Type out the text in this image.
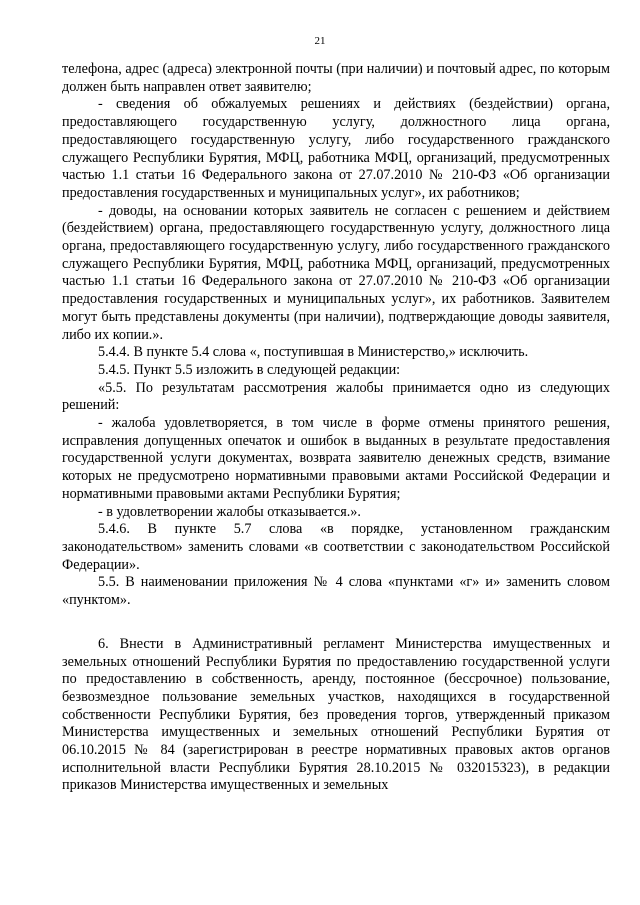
21

телефона, адрес (адреса) электронной почты (при наличии) и почтовый адрес, по которым должен быть направлен ответ заявителю;

- сведения об обжалуемых решениях и действиях (бездействии) органа, предоставляющего государственную услугу, должностного лица органа, предоставляющего государственную услугу, либо государственного гражданского служащего Республики Бурятия, МФЦ, работника МФЦ, организаций, предусмотренных частью 1.1 статьи 16 Федерального закона от 27.07.2010 № 210-ФЗ «Об организации предоставления государственных и муниципальных услуг», их работников;

- доводы, на основании которых заявитель не согласен с решением и действием (бездействием) органа, предоставляющего государственную услугу, должностного лица органа, предоставляющего государственную услугу, либо государственного гражданского служащего Республики Бурятия, МФЦ, работника МФЦ, организаций, предусмотренных частью 1.1 статьи 16 Федерального закона от 27.07.2010 № 210-ФЗ «Об организации предоставления государственных и муниципальных услуг», их работников. Заявителем могут быть представлены документы (при наличии), подтверждающие доводы заявителя, либо их копии.».

5.4.4. В пункте 5.4 слова «, поступившая в Министерство,» исключить.

5.4.5. Пункт 5.5 изложить в следующей редакции:

«5.5. По результатам рассмотрения жалобы принимается одно из следующих решений:

- жалоба удовлетворяется, в том числе в форме отмены принятого решения, исправления допущенных опечаток и ошибок в выданных в результате предоставления государственной услуги документах, возврата заявителю денежных средств, взимание которых не предусмотрено нормативными правовыми актами Российской Федерации и нормативными правовыми актами Республики Бурятия;

- в удовлетворении жалобы отказывается.».

5.4.6. В пункте 5.7 слова «в порядке, установленном гражданским законодательством» заменить словами «в соответствии с законодательством Российской Федерации».

5.5. В наименовании приложения № 4 слова «пунктами «г» и» заменить словом «пунктом».

6. Внести в Административный регламент Министерства имущественных и земельных отношений Республики Бурятия по предоставлению государственной услуги по предоставлению в собственность, аренду, постоянное (бессрочное) пользование, безвозмездное пользование земельных участков, находящихся в государственной собственности Республики Бурятия, без проведения торгов, утвержденный приказом Министерства имущественных и земельных отношений Республики Бурятия от 06.10.2015 № 84 (зарегистрирован в реестре нормативных правовых актов органов исполнительной власти Республики Бурятия 28.10.2015 № 032015323), в редакции приказов Министерства имущественных и земельных
